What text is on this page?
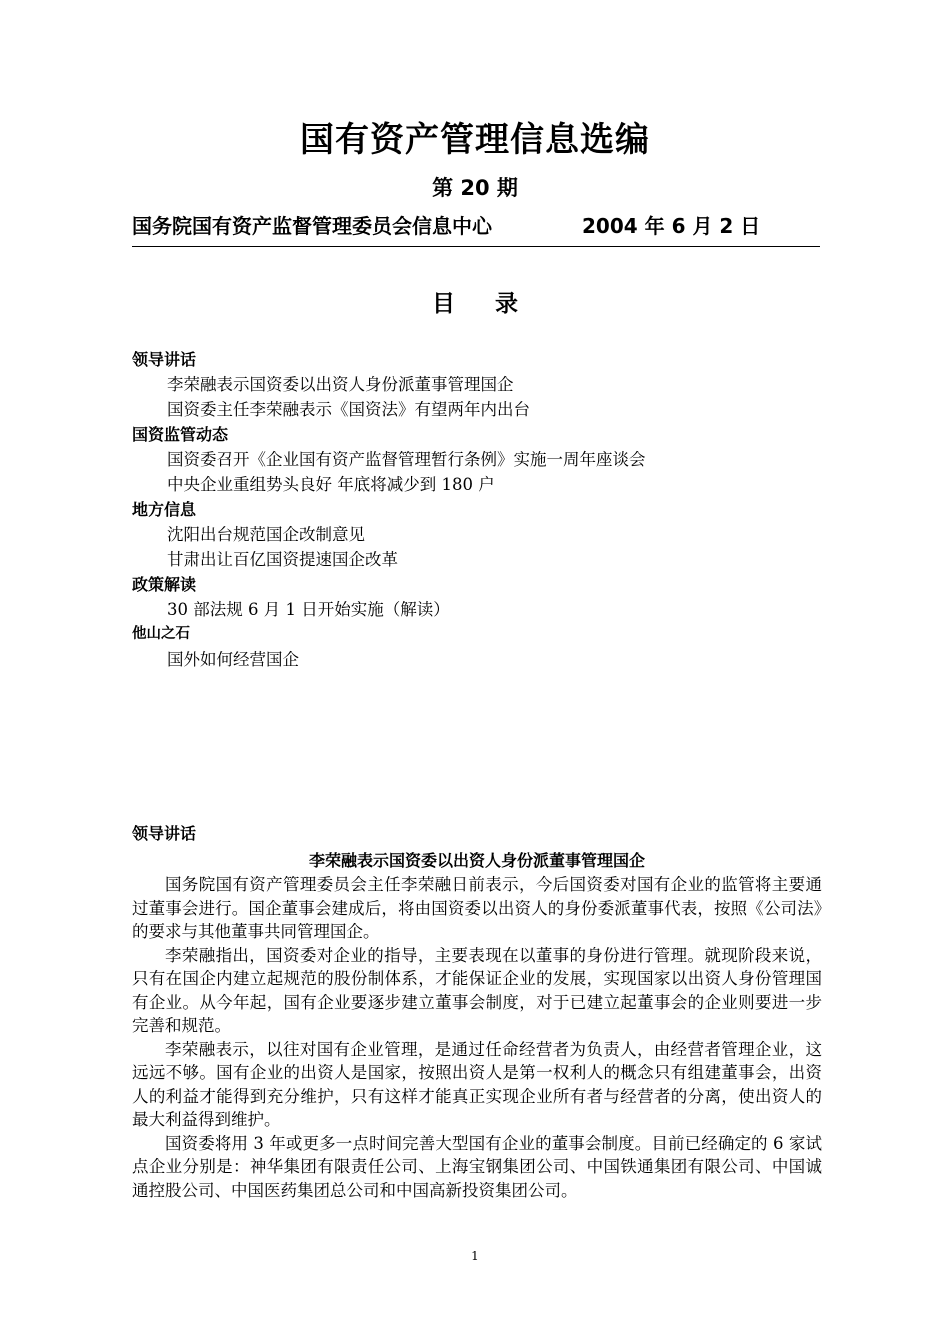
国有资产管理信息选编
第 20 期
国务院国有资产监督管理委员会信息中心	2004 年 6 月 2 日
目 录
领导讲话
李荣融表示国资委以出资人身份派董事管理国企
国资委主任李荣融表示《国资法》有望两年内出台
国资监管动态
国资委召开《企业国有资产监督管理暂行条例》实施一周年座谈会
中央企业重组势头良好 年底将减少到 180 户
地方信息
沈阳出台规范国企改制意见
甘肃出让百亿国资提速国企改革
政策解读
30 部法规 6 月 1 日开始实施（解读）
他山之石
国外如何经营国企
领导讲话
李荣融表示国资委以出资人身份派董事管理国企

国务院国有资产管理委员会主任李荣融日前表示，今后国资委对国有企业的监管将主要通过董事会进行。国企董事会建成后，将由国资委以出资人的身份委派董事代表，按照《公司法》的要求与其他董事共同管理国企。

李荣融指出，国资委对企业的指导，主要表现在以董事的身份进行管理。就现阶段来说，只有在国企内建立起规范的股份制体系，才能保证企业的发展，实现国家以出资人身份管理国有企业。从今年起，国有企业要逐步建立董事会制度，对于已建立起董事会的企业则要进一步完善和规范。

李荣融表示，以往对国有企业管理，是通过任命经营者为负责人，由经营者管理企业，这远远不够。国有企业的出资人是国家，按照出资人是第一权利人的概念只有组建董事会，出资人的利益才能得到充分维护，只有这样才能真正实现企业所有者与经营者的分离，使出资人的最大利益得到维护。

国资委将用 3 年或更多一点时间完善大型国有企业的董事会制度。目前已经确定的 6 家试点企业分别是：神华集团有限责任公司、上海宝钢集团公司、中国铁通集团有限公司、中国诚通控股公司、中国医药集团总公司和中国高新投资集团公司。

1
